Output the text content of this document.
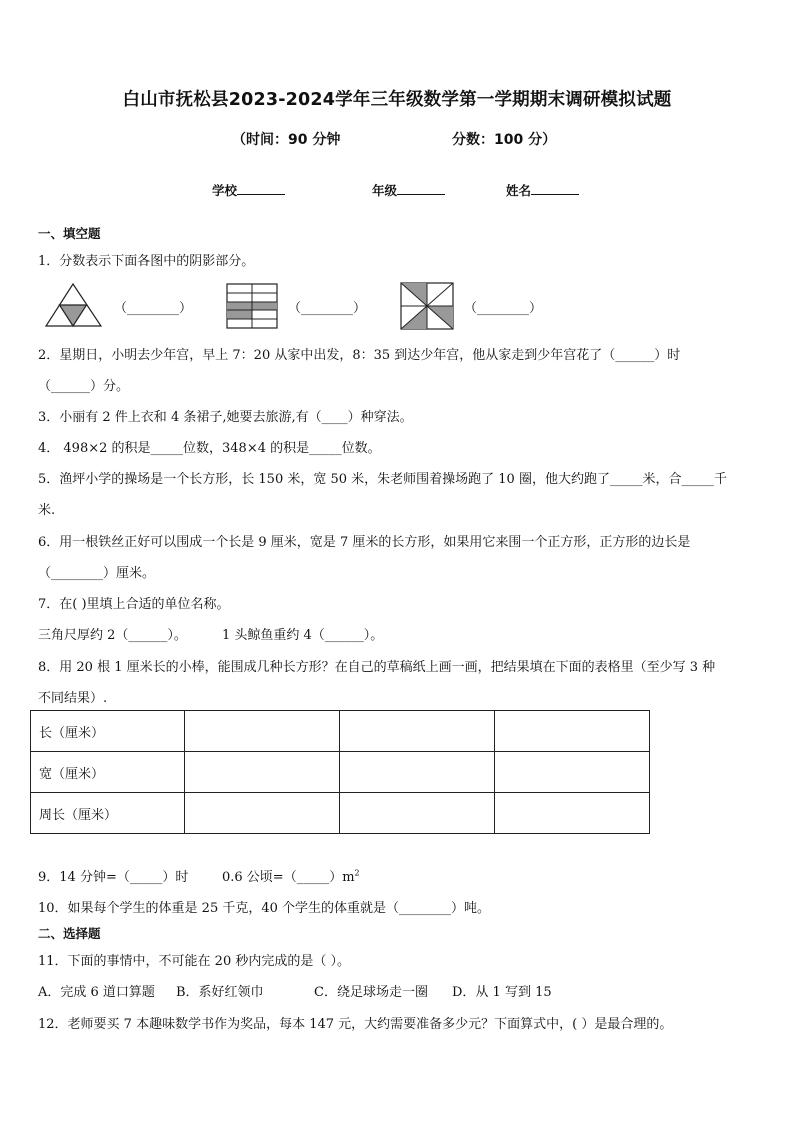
白山市抚松县2023-2024学年三年级数学第一学期期末调研模拟试题
（时间：90 分钟	分数：100 分）
学校	年级	姓名
一、填空题
1．分数表示下面各图中的阴影部分。
（________）	（________）	（________）
2．星期日，小明去少年宫，早上 7：20 从家中出发，8：35 到达少年宫，他从家走到少年宫花了（______）时
（______）分。
3．小丽有 2 件上衣和 4 条裙子,她要去旅游,有（____）种穿法。
4． 498×2 的积是_____位数，348×4 的积是_____位数。
5．渔坪小学的操场是一个长方形，长 150 米，宽 50 米，朱老师围着操场跑了 10 圈，他大约跑了_____米，合_____千
米.
6．用一根铁丝正好可以围成一个长是 9 厘米，宽是 7 厘米的长方形，如果用它来围一个正方形，正方形的边长是
（________）厘米。
7．在( )里填上合适的单位名称。
三角尺厚约 2（______）。	1 头鲸鱼重约 4（______）。
8．用 20 根 1 厘米长的小棒，能围成几种长方形？在自己的草稿纸上画一画，把结果填在下面的表格里（至少写 3 种
不同结果）.
长（厘米）			
宽（厘米）			
周长（厘米）			
9．14 分钟=（_____）时	0.6 公顷$=(\_\_\_\_\_)m^2$
10．如果每个学生的体重是 25 千克，40 个学生的体重就是（________）吨。
二、选择题
11．下面的事情中，不可能在 20 秒内完成的是（ ）。
A．完成 6 道口算题 B．系好红领巾	C．绕足球场走一圈 D．从 1 写到 15
12．老师要买 7 本趣味数学书作为奖品，每本 147 元，大约需要准备多少元？下面算式中，( ）是最合理的。
